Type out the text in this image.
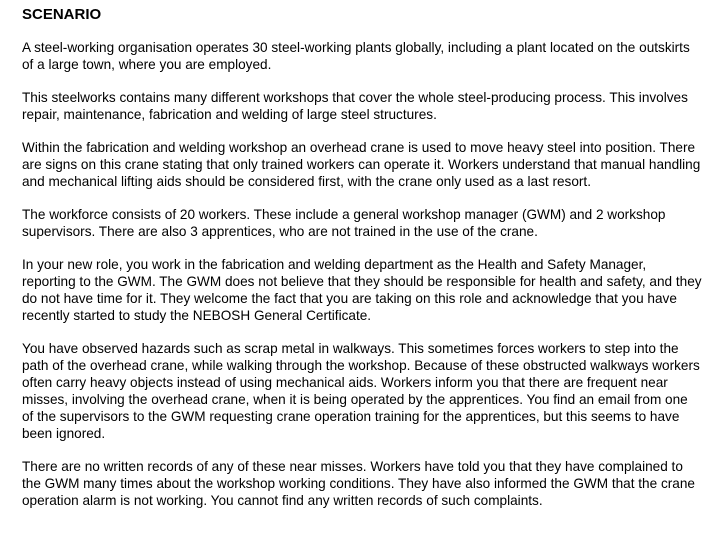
SCENARIO

A steel-working organisation operates 30 steel-working plants globally, including a plant located on the outskirts of a large town, where you are employed.

This steelworks contains many different workshops that cover the whole steel-producing process. This involves repair, maintenance, fabrication and welding of large steel structures.

Within the fabrication and welding workshop an overhead crane is used to move heavy steel into position. There are signs on this crane stating that only trained workers can operate it. Workers understand that manual handling and mechanical lifting aids should be considered first, with the crane only used as a last resort.

The workforce consists of 20 workers. These include a general workshop manager (GWM) and 2 workshop supervisors. There are also 3 apprentices, who are not trained in the use of the crane.

In your new role, you work in the fabrication and welding department as the Health and Safety Manager, reporting to the GWM. The GWM does not believe that they should be responsible for health and safety, and they do not have time for it. They welcome the fact that you are taking on this role and acknowledge that you have recently started to study the NEBOSH General Certificate.

You have observed hazards such as scrap metal in walkways. This sometimes forces workers to step into the path of the overhead crane, while walking through the workshop. Because of these obstructed walkways workers often carry heavy objects instead of using mechanical aids. Workers inform you that there are frequent near misses, involving the overhead crane, when it is being operated by the apprentices. You find an email from one of the supervisors to the GWM requesting crane operation training for the apprentices, but this seems to have been ignored.

There are no written records of any of these near misses. Workers have told you that they have complained to the GWM many times about the workshop working conditions. They have also informed the GWM that the crane operation alarm is not working. You cannot find any written records of such complaints.
